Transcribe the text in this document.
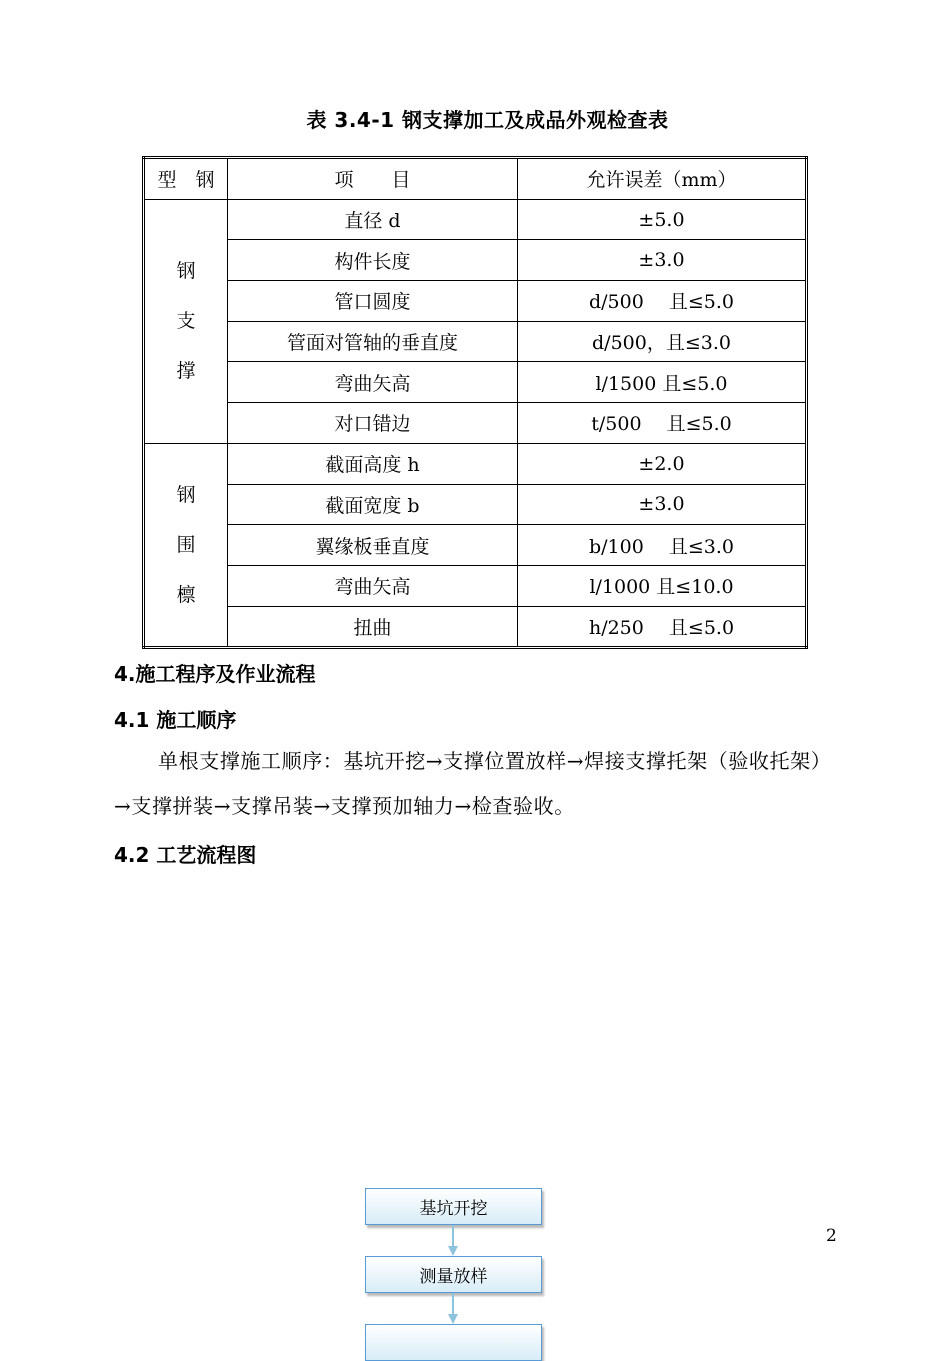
表 3.4-1 钢支撑加工及成品外观检查表
型　钢	项　　目	允许误差（mm）

钢
支
撑	直径 d	±5.0
	构件长度	±3.0
	管口圆度	d/500　 且≤5.0
	管面对管轴的垂直度	d/500，且≤3.0
	弯曲矢高	l/1500 且≤5.0
	对口错边	t/500　 且≤5.0

钢
围
檩	截面高度 h	±2.0
	截面宽度 b	±3.0
	翼缘板垂直度	b/100　 且≤3.0
	弯曲矢高	l/1000 且≤10.0
	扭曲	h/250　 且≤5.0
4.施工程序及作业流程
4.1 施工顺序
单根支撑施工顺序：基坑开挖→支撑位置放样→焊接支撑托架（验收托架）→支撑拼装→支撑吊装→支撑预加轴力→检查验收。
4.2 工艺流程图
2
基坑开挖
测量放样
